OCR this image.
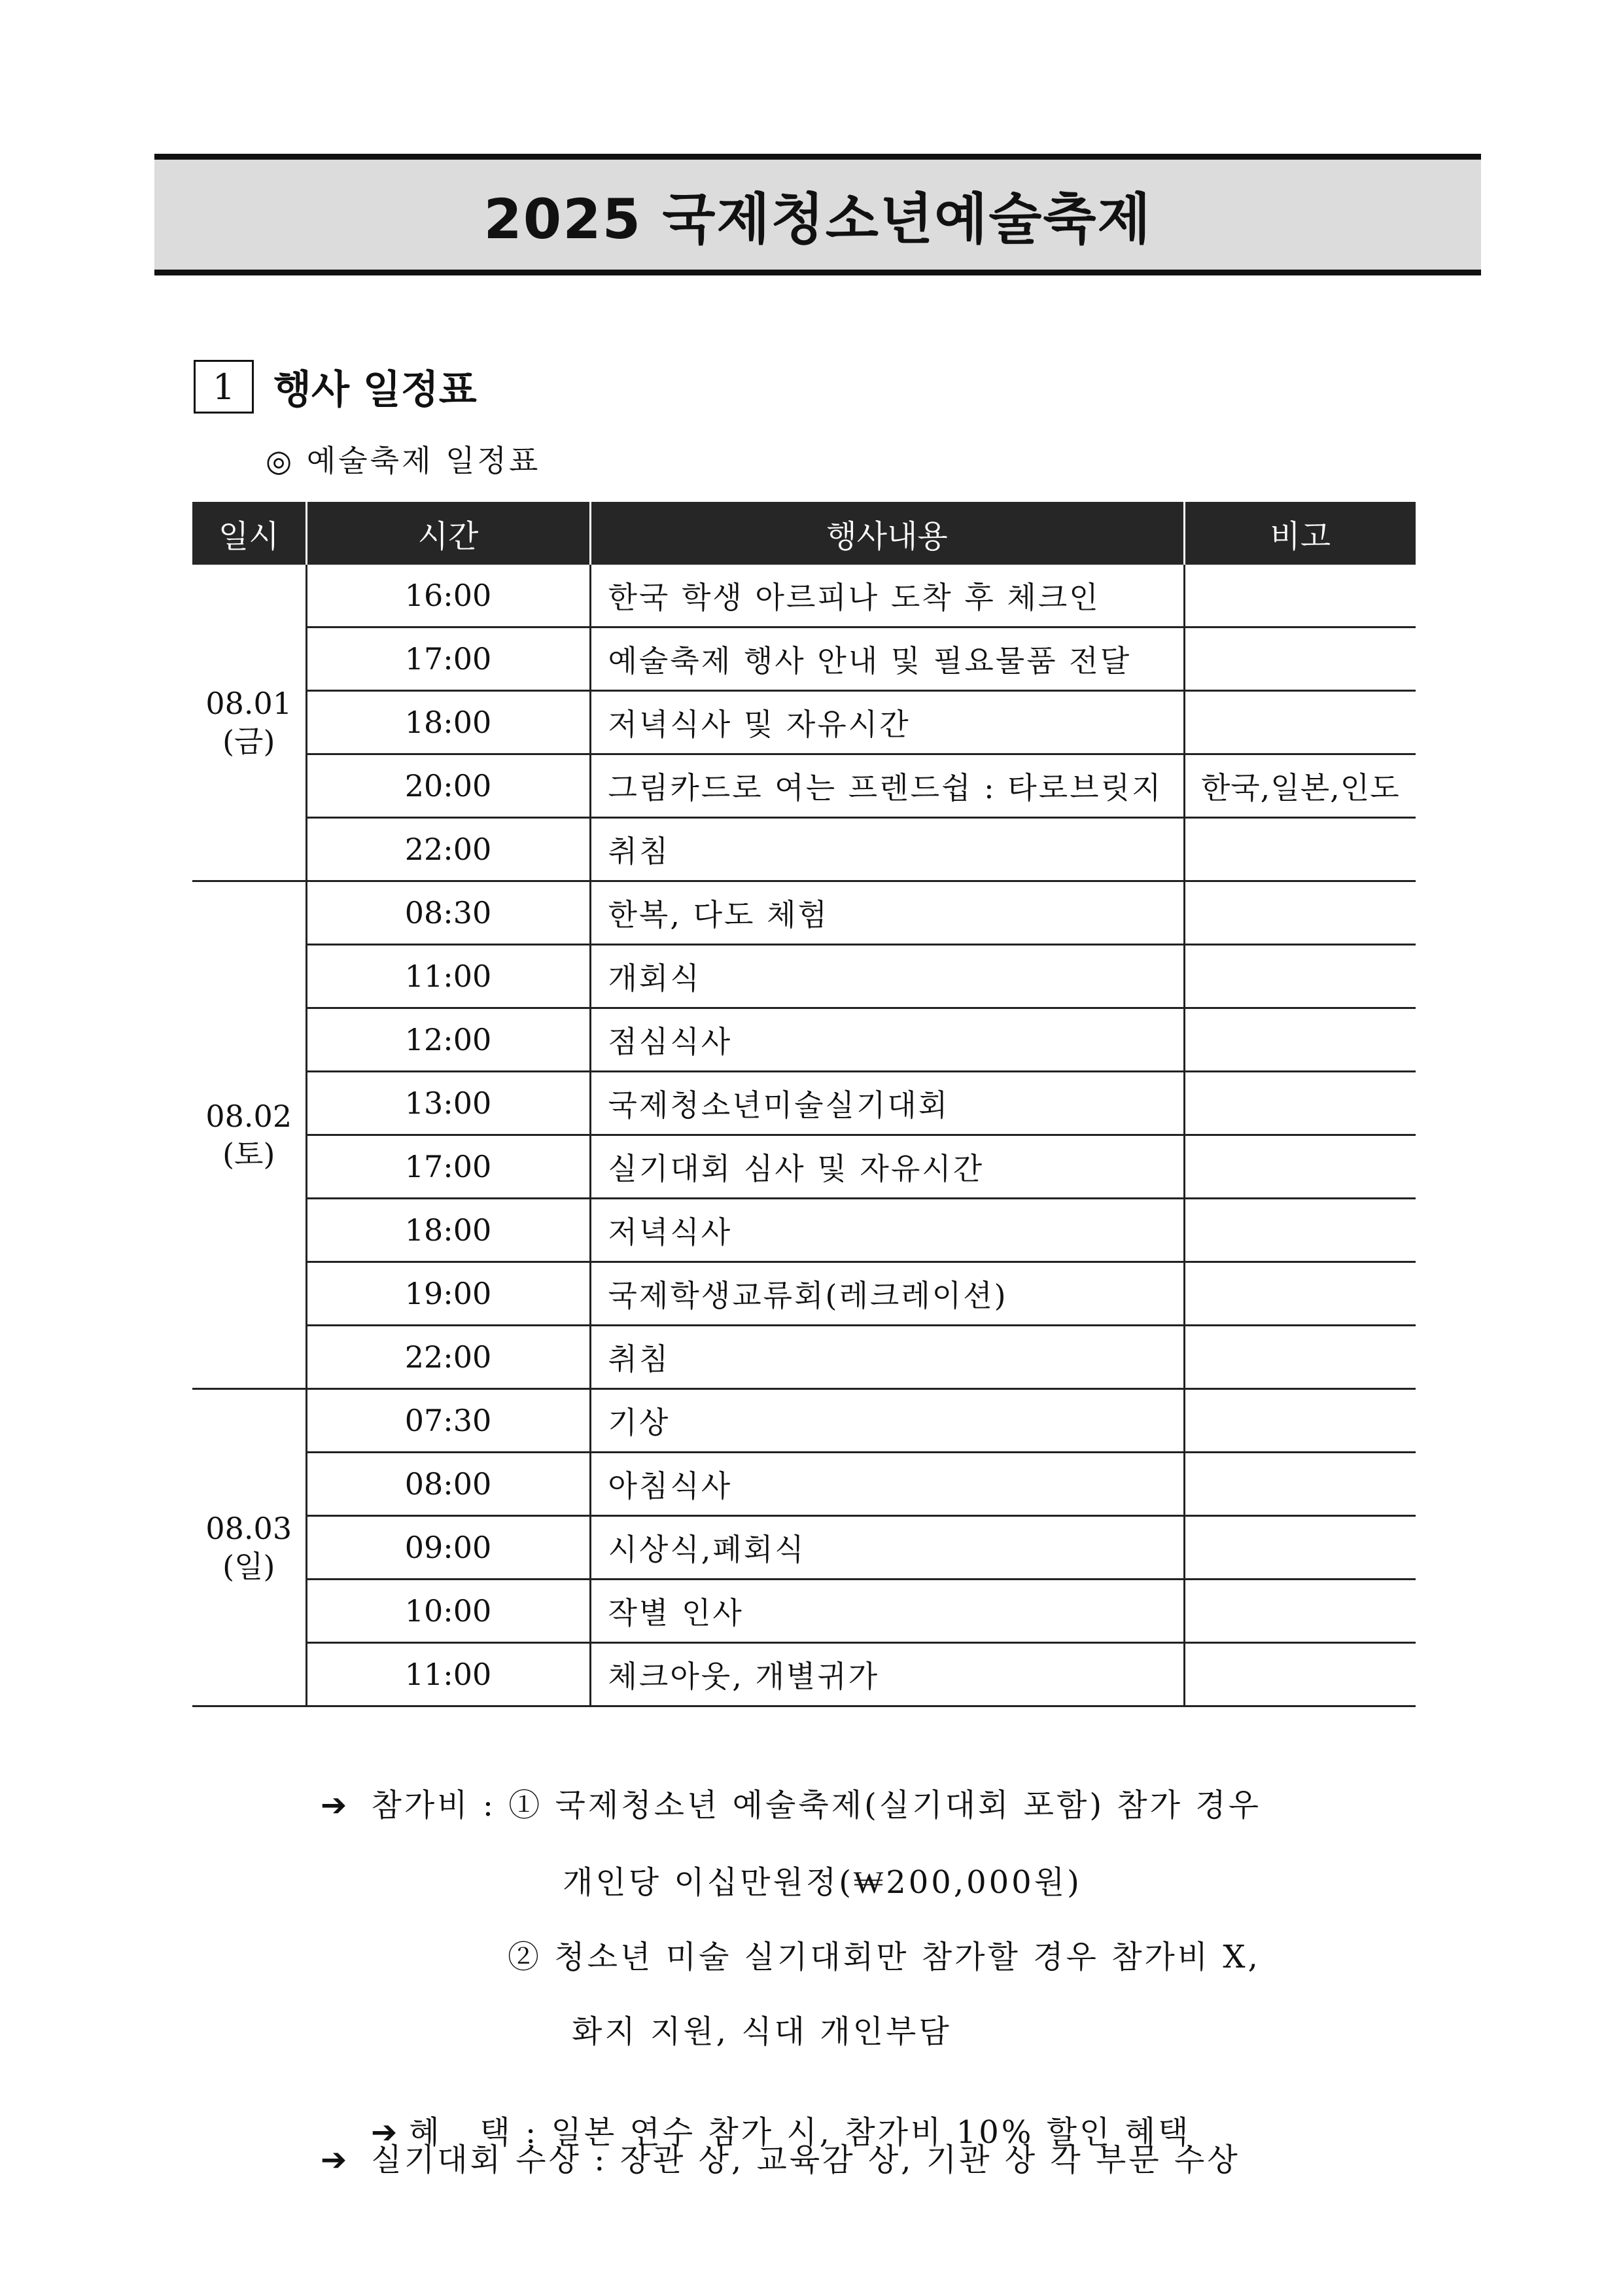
2025 국제청소년예술축제
1 행사 일정표
◎ 예술축제 일정표
일시	시간	행사내용	비고

08.01
(금)	16:00	한국 학생 아르피나 도착 후 체크인	
	17:00	예술축제 행사 안내 및 필요물품 전달	
	18:00	저녁식사 및 자유시간	
	20:00	그림카드로 여는 프렌드쉽 : 타로브릿지	한국,일본,인도
	22:00	취침	

08.02
(토)	08:30	한복, 다도 체험	
	11:00	개회식	
	12:00	점심식사	
	13:00	국제청소년미술실기대회	
	17:00	실기대회 심사 및 자유시간	
	18:00	저녁식사	
	19:00	국제학생교류회(레크레이션)	
	22:00	취침	

08.03
(일)	07:30	기상	
	08:00	아침식사	
	09:00	시상식,폐회식	
	10:00	작별 인사	
	11:00	체크아웃, 개별귀가	
➔ 참가비 : ① 국제청소년 예술축제(실기대회 포함) 참가 경우
개인당 이십만원정(₩200,000원)
② 청소년 미술 실기대회만 참가할 경우 참가비 X,
화지 지원, 식대 개인부담

➔ 혜   택 : 일본 연수 참가 시, 참가비 10% 할인 혜택

➔ 실기대회 수상 : 장관 상, 교육감 상, 기관 상 각 부문 수상
